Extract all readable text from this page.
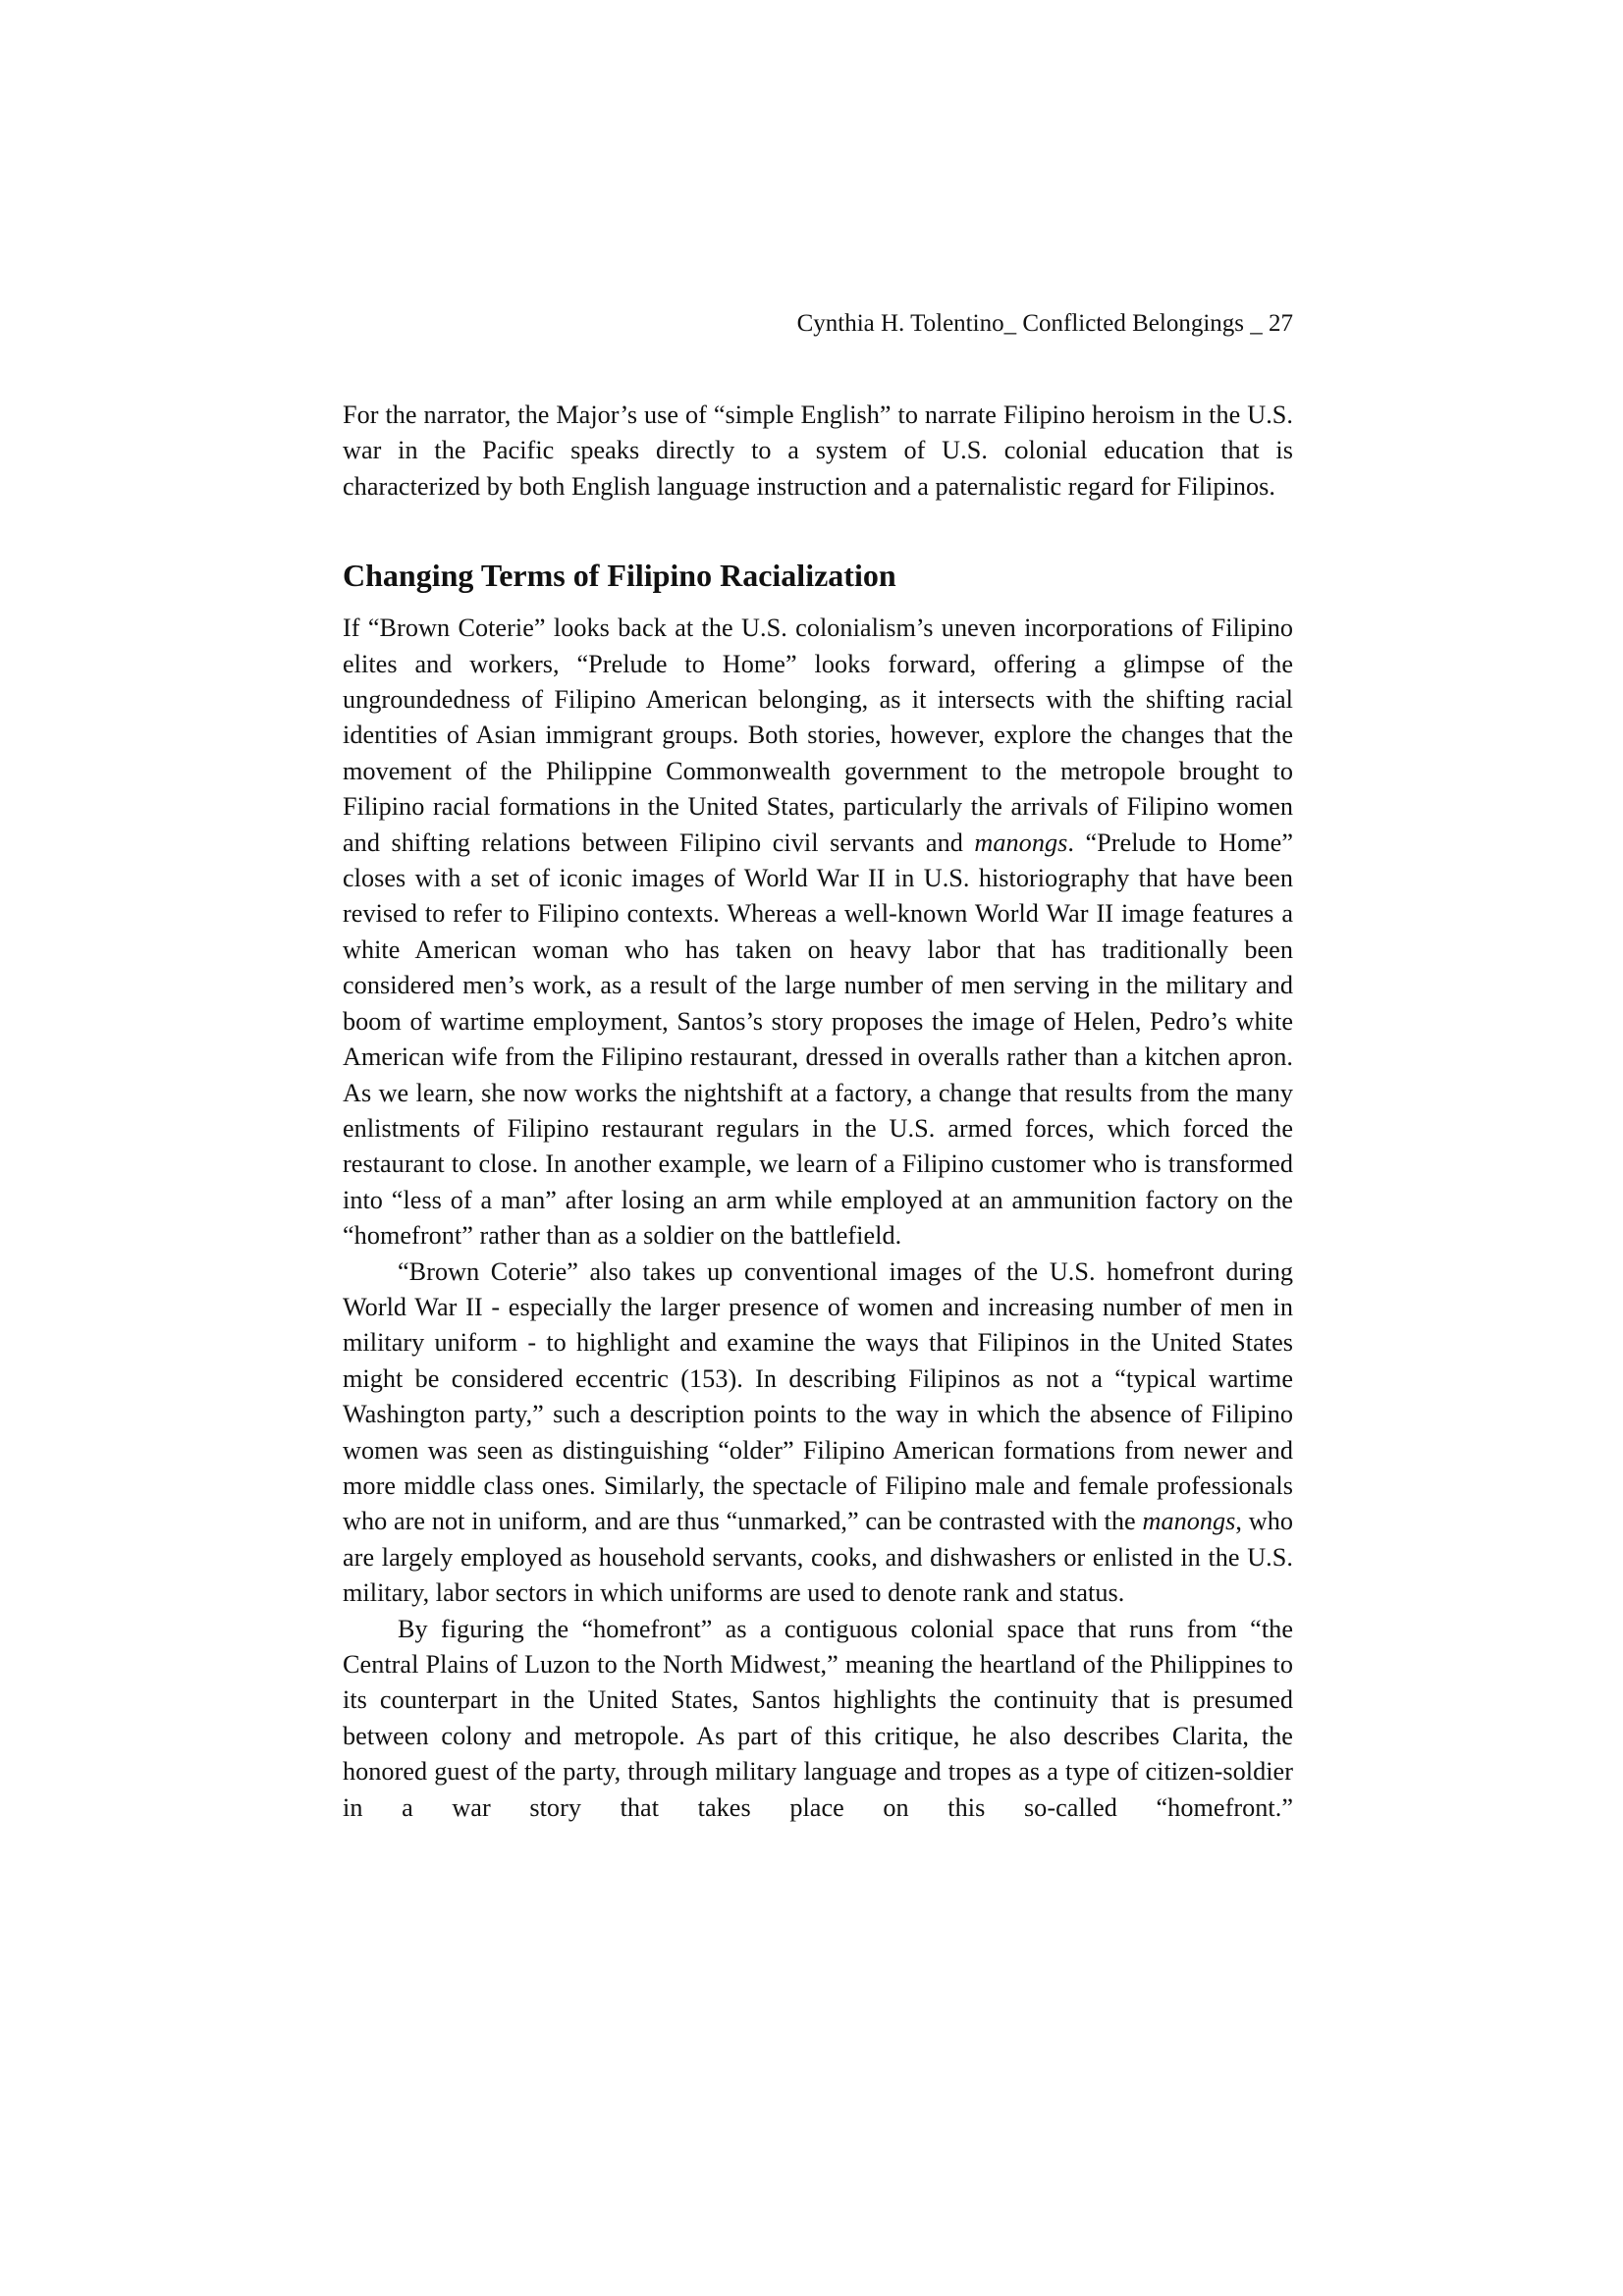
Cynthia H. Tolentino_ Conflicted Belongings _ 27

For the narrator, the Major’s use of “simple English” to narrate Filipino heroism in the U.S. war in the Pacific speaks directly to a system of U.S. colonial education that is characterized by both English language instruction and a paternalistic regard for Filipinos.

Changing Terms of Filipino Racialization

If “Brown Coterie” looks back at the U.S. colonialism’s uneven incorporations of Filipino elites and workers, “Prelude to Home” looks forward, offering a glimpse of the ungroundedness of Filipino American belonging, as it intersects with the shifting racial identities of Asian immigrant groups. Both stories, however, explore the changes that the movement of the Philippine Commonwealth government to the metropole brought to Filipino racial formations in the United States, particularly the arrivals of Filipino women and shifting relations between Filipino civil servants and manongs. “Prelude to Home” closes with a set of iconic images of World War II in U.S. historiography that have been revised to refer to Filipino contexts. Whereas a well-known World War II image features a white American woman who has taken on heavy labor that has traditionally been considered men’s work, as a result of the large number of men serving in the military and boom of wartime employment, Santos’s story proposes the image of Helen, Pedro’s white American wife from the Filipino restaurant, dressed in overalls rather than a kitchen apron. As we learn, she now works the nightshift at a factory, a change that results from the many enlistments of Filipino restaurant regulars in the U.S. armed forces, which forced the restaurant to close. In another example, we learn of a Filipino customer who is transformed into “less of a man” after losing an arm while employed at an ammunition factory on the “homefront” rather than as a soldier on the battlefield.

“Brown Coterie” also takes up conventional images of the U.S. homefront during World War II - especially the larger presence of women and increasing number of men in military uniform - to highlight and examine the ways that Filipinos in the United States might be considered eccentric (153). In describing Filipinos as not a “typical wartime Washington party,” such a description points to the way in which the absence of Filipino women was seen as distinguishing “older” Filipino American formations from newer and more middle class ones. Similarly, the spectacle of Filipino male and female professionals who are not in uniform, and are thus “unmarked,” can be contrasted with the manongs, who are largely employed as household servants, cooks, and dishwashers or enlisted in the U.S. military, labor sectors in which uniforms are used to denote rank and status.

By figuring the “homefront” as a contiguous colonial space that runs from “the Central Plains of Luzon to the North Midwest,” meaning the heartland of the Philippines to its counterpart in the United States, Santos highlights the continuity that is presumed between colony and metropole. As part of this critique, he also describes Clarita, the honored guest of the party, through military language and tropes as a type of citizen-soldier in a war story that takes place on this so-called “homefront.”
